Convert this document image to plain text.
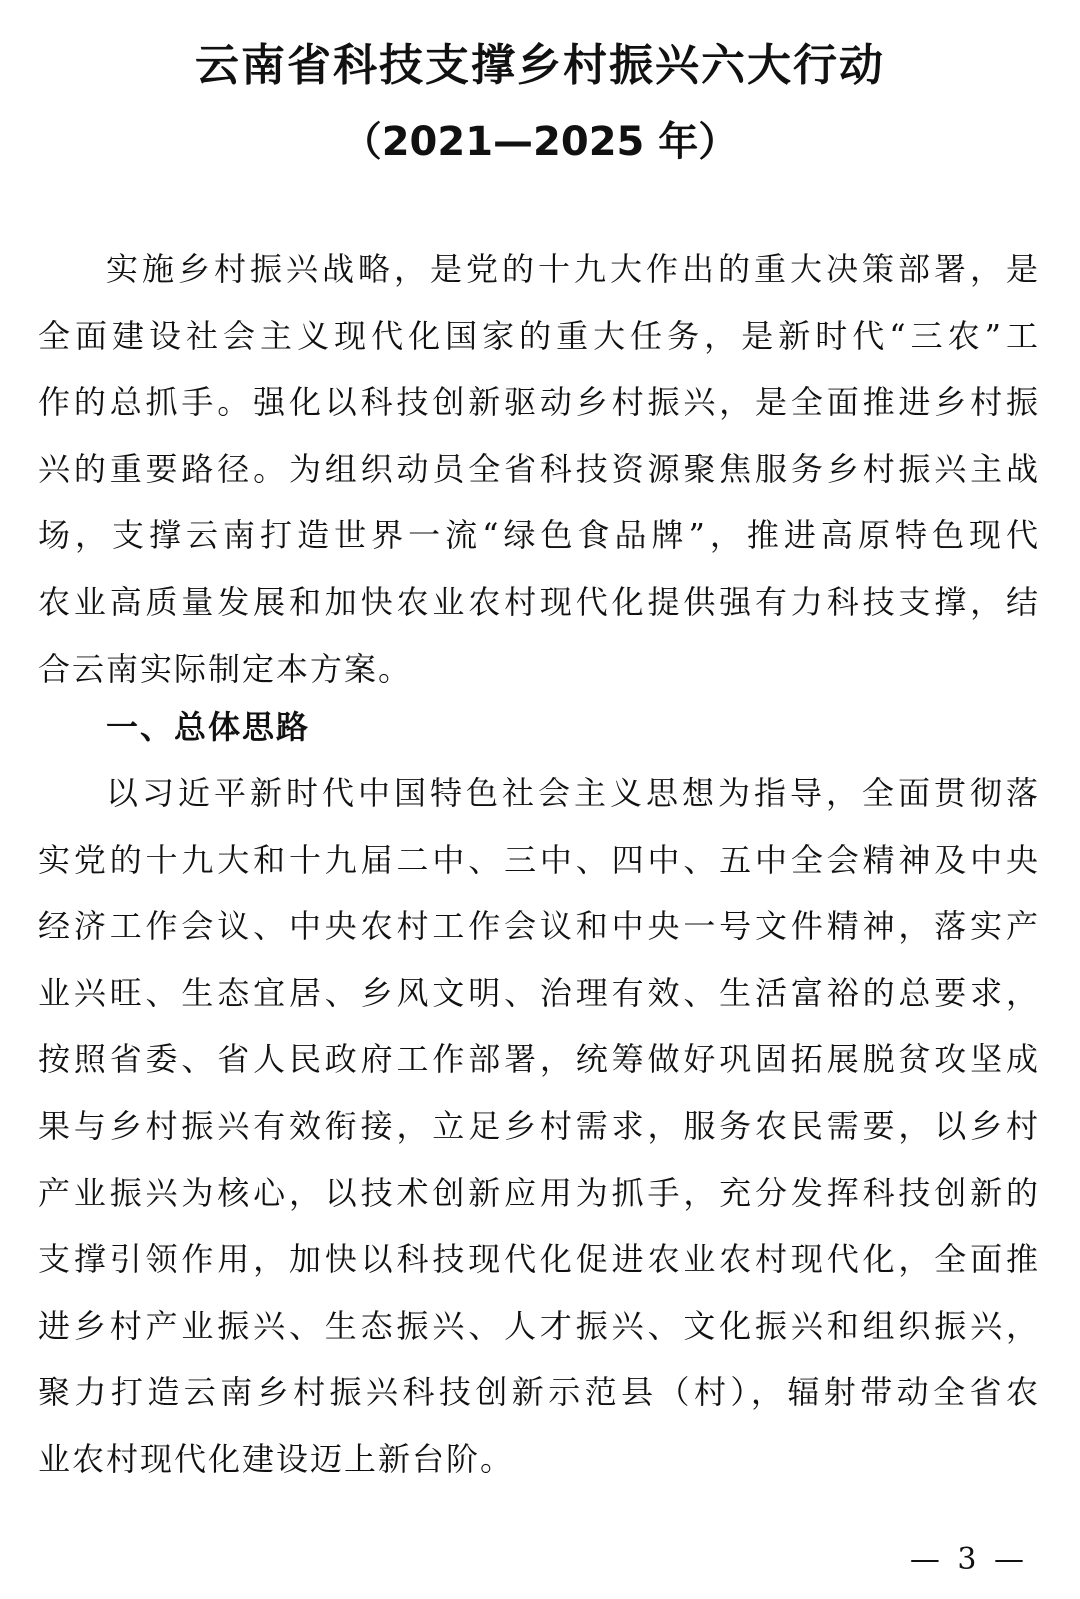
云南省科技支撑乡村振兴六大行动
（2021—2025 年）
实施乡村振兴战略，是党的十九大作出的重大决策部署，是
全面建设社会主义现代化国家的重大任务，是新时代“三农”工
作的总抓手。强化以科技创新驱动乡村振兴，是全面推进乡村振
兴的重要路径。为组织动员全省科技资源聚焦服务乡村振兴主战
场，支撑云南打造世界一流“绿色食品牌”，推进高原特色现代
农业高质量发展和加快农业农村现代化提供强有力科技支撑，结
合云南实际制定本方案。
一、总体思路
以习近平新时代中国特色社会主义思想为指导，全面贯彻落
实党的十九大和十九届二中、三中、四中、五中全会精神及中央
经济工作会议、中央农村工作会议和中央一号文件精神，落实产
业兴旺、生态宜居、乡风文明、治理有效、生活富裕的总要求，
按照省委、省人民政府工作部署，统筹做好巩固拓展脱贫攻坚成
果与乡村振兴有效衔接，立足乡村需求，服务农民需要，以乡村
产业振兴为核心，以技术创新应用为抓手，充分发挥科技创新的
支撑引领作用，加快以科技现代化促进农业农村现代化，全面推
进乡村产业振兴、生态振兴、人才振兴、文化振兴和组织振兴，
聚力打造云南乡村振兴科技创新示范县（村），辐射带动全省农
业农村现代化建设迈上新台阶。
— 3 —
